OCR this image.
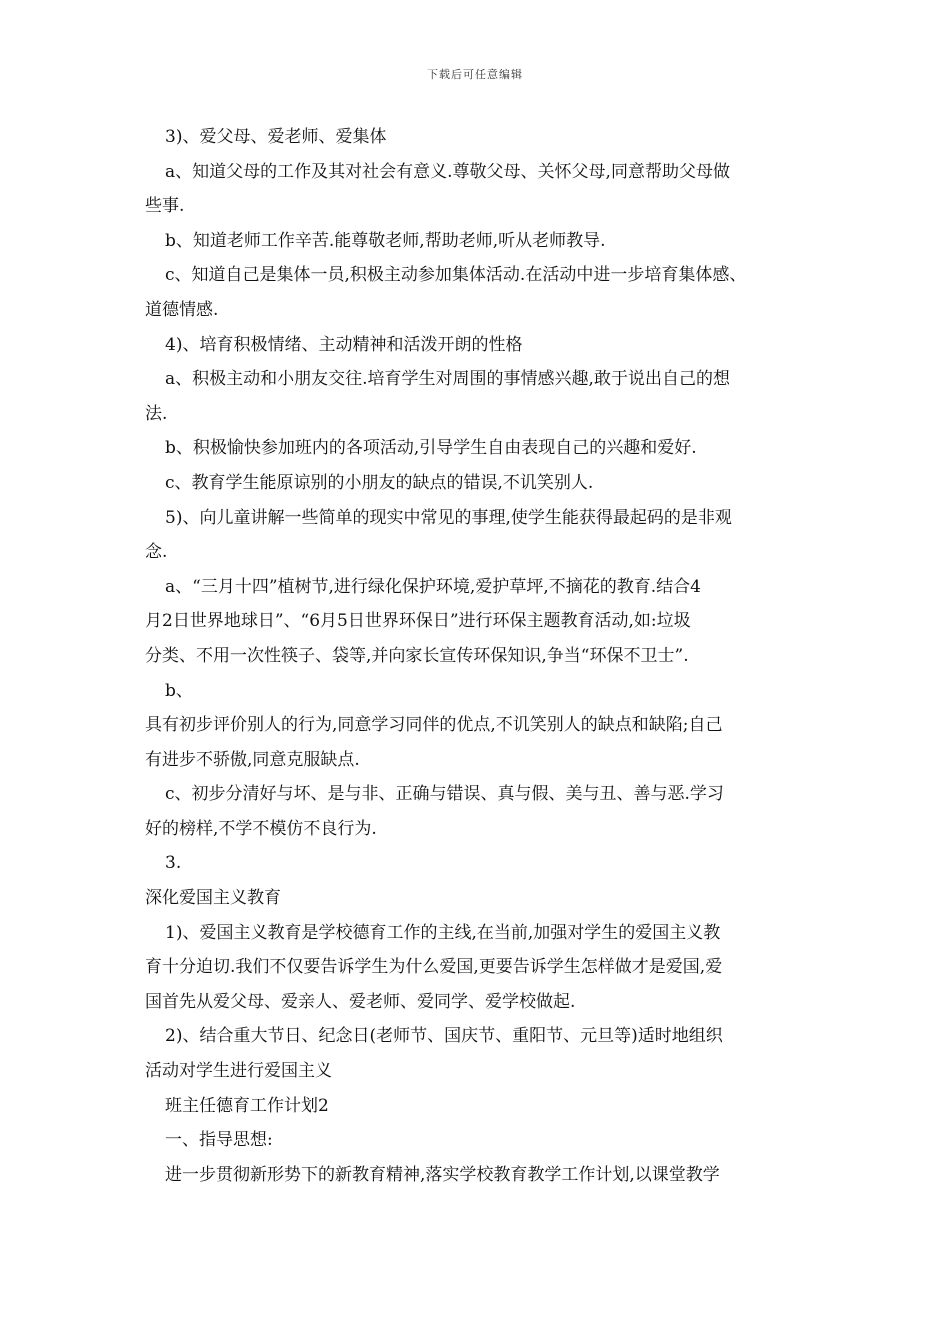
下载后可任意编辑
3)、爱父母、爱老师、爱集体
a、知道父母的工作及其对社会有意义.尊敬父母、关怀父母,同意帮助父母做
些事.
b、知道老师工作辛苦.能尊敬老师,帮助老师,听从老师教导.
c、知道自己是集体一员,积极主动参加集体活动.在活动中进一步培育集体感、
道德情感.
4)、培育积极情绪、主动精神和活泼开朗的性格
a、积极主动和小朋友交往.培育学生对周围的事情感兴趣,敢于说出自己的想
法.
b、积极愉快参加班内的各项活动,引导学生自由表现自己的兴趣和爱好.
c、教育学生能原谅别的小朋友的缺点的错误,不讥笑别人.
5)、向儿童讲解一些简单的现实中常见的事理,使学生能获得最起码的是非观
念.
a、“三月十四”植树节,进行绿化保护环境,爱护草坪,不摘花的教育.结合4
月2日世界地球日”、“6月5日世界环保日”进行环保主题教育活动,如:垃圾
分类、不用一次性筷子、袋等,并向家长宣传环保知识,争当“环保不卫士”.
b、
具有初步评价别人的行为,同意学习同伴的优点,不讥笑别人的缺点和缺陷;自己
有进步不骄傲,同意克服缺点.
c、初步分清好与坏、是与非、正确与错误、真与假、美与丑、善与恶.学习
好的榜样,不学不模仿不良行为.
3.
深化爱国主义教育
1)、爱国主义教育是学校德育工作的主线,在当前,加强对学生的爱国主义教
育十分迫切.我们不仅要告诉学生为什么爱国,更要告诉学生怎样做才是爱国,爱
国首先从爱父母、爱亲人、爱老师、爱同学、爱学校做起.
2)、结合重大节日、纪念日(老师节、国庆节、重阳节、元旦等)适时地组织
活动对学生进行爱国主义
班主任德育工作计划2
一、指导思想:
进一步贯彻新形势下的新教育精神,落实学校教育教学工作计划,以课堂教学
